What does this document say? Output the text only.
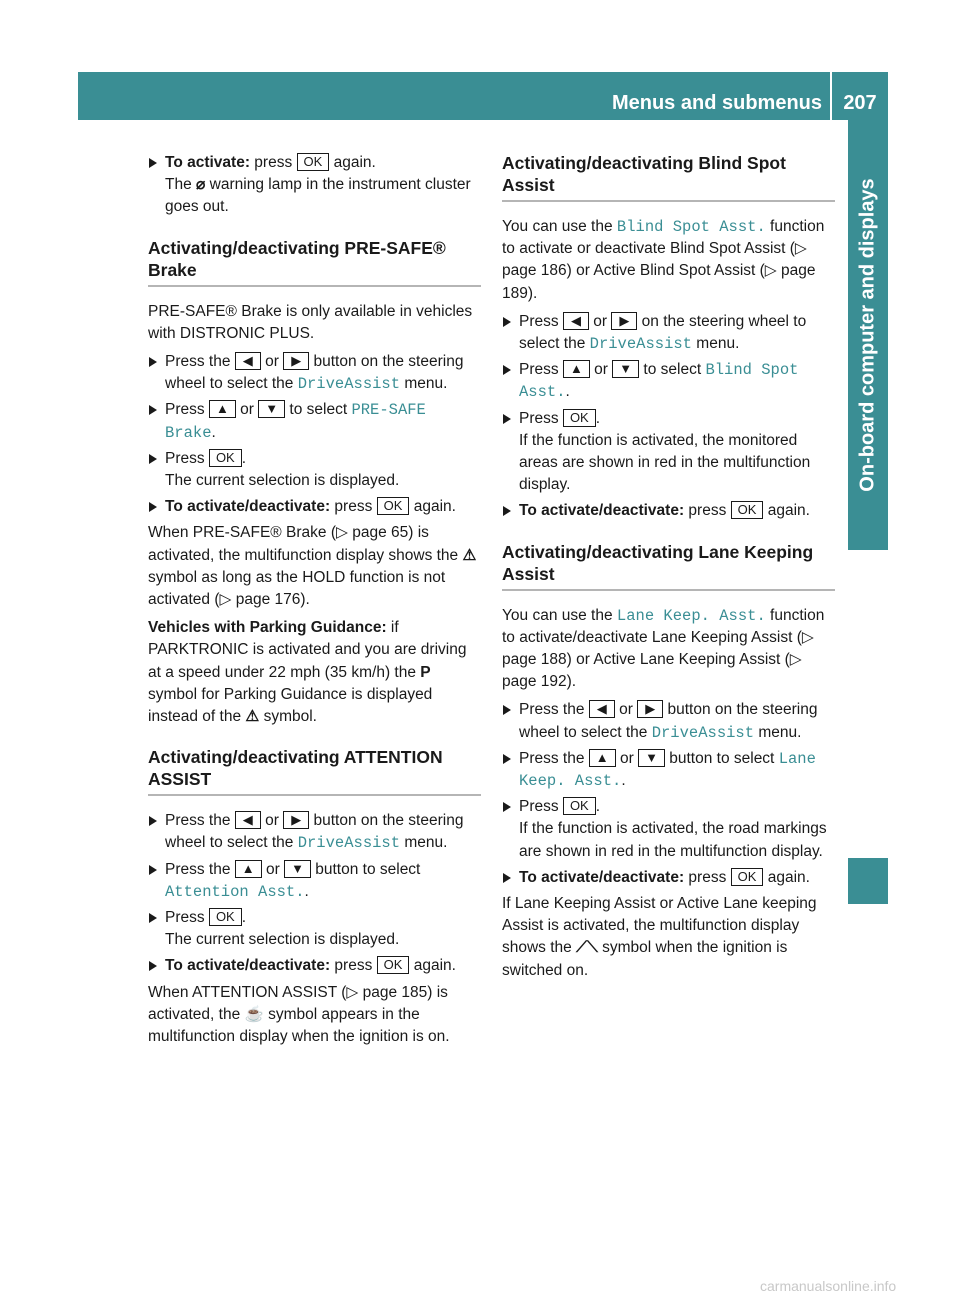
Menus and submenus	207
On-board computer and displays
To activate: press OK again.
The ⌀ warning lamp in the instrument cluster goes out.
Activating/deactivating PRE-SAFE® Brake

PRE-SAFE® Brake is only available in vehicles with DISTRONIC PLUS.

Press the ◀ or ▶ button on the steering wheel to select the DriveAssist menu.
Press ▲ or ▼ to select PRE-SAFE Brake.
Press OK .
The current selection is displayed.
To activate/deactivate: press OK again.

When PRE-SAFE® Brake (▷ page 65) is activated, the multifunction display shows the ⚠ symbol as long as the HOLD function is not activated (▷ page 176).

Vehicles with Parking Guidance: if PARKTRONIC is activated and you are driving at a speed under 22 mph (35 km/h) the P symbol for Parking Guidance is displayed instead of the ⚠ symbol.

Activating/deactivating ATTENTION ASSIST
Press the ◀ or ▶ button on the steering wheel to select the DriveAssist menu.
Press the ▲ or ▼ button to select Attention Asst..
Press OK .
The current selection is displayed.
To activate/deactivate: press OK again.

When ATTENTION ASSIST (▷ page 185) is activated, the ☕ symbol appears in the multifunction display when the ignition is on.

Activating/deactivating Blind Spot Assist

You can use the Blind Spot Asst. function to activate or deactivate Blind Spot Assist (▷ page 186) or Active Blind Spot Assist (▷ page 189).

Press ◀ or ▶ on the steering wheel to select the DriveAssist menu.
Press ▲ or ▼ to select Blind Spot Asst..
Press OK .
If the function is activated, the monitored areas are shown in red in the multifunction display.
To activate/deactivate: press OK again.
Activating/deactivating Lane Keeping Assist

You can use the Lane Keep. Asst. function to activate/deactivate Lane Keeping Assist (▷ page 188) or Active Lane Keeping Assist (▷ page 192).

Press the ◀ or ▶ button on the steering wheel to select the DriveAssist menu.
Press the ▲ or ▼ button to select Lane Keep. Asst..
Press OK .
If the function is activated, the road markings are shown in red in the multifunction display.
To activate/deactivate: press OK again.

If Lane Keeping Assist or Active Lane keeping Assist is activated, the multifunction display shows the ⟋⟍ symbol when the ignition is switched on.

carmanualsonline.info
